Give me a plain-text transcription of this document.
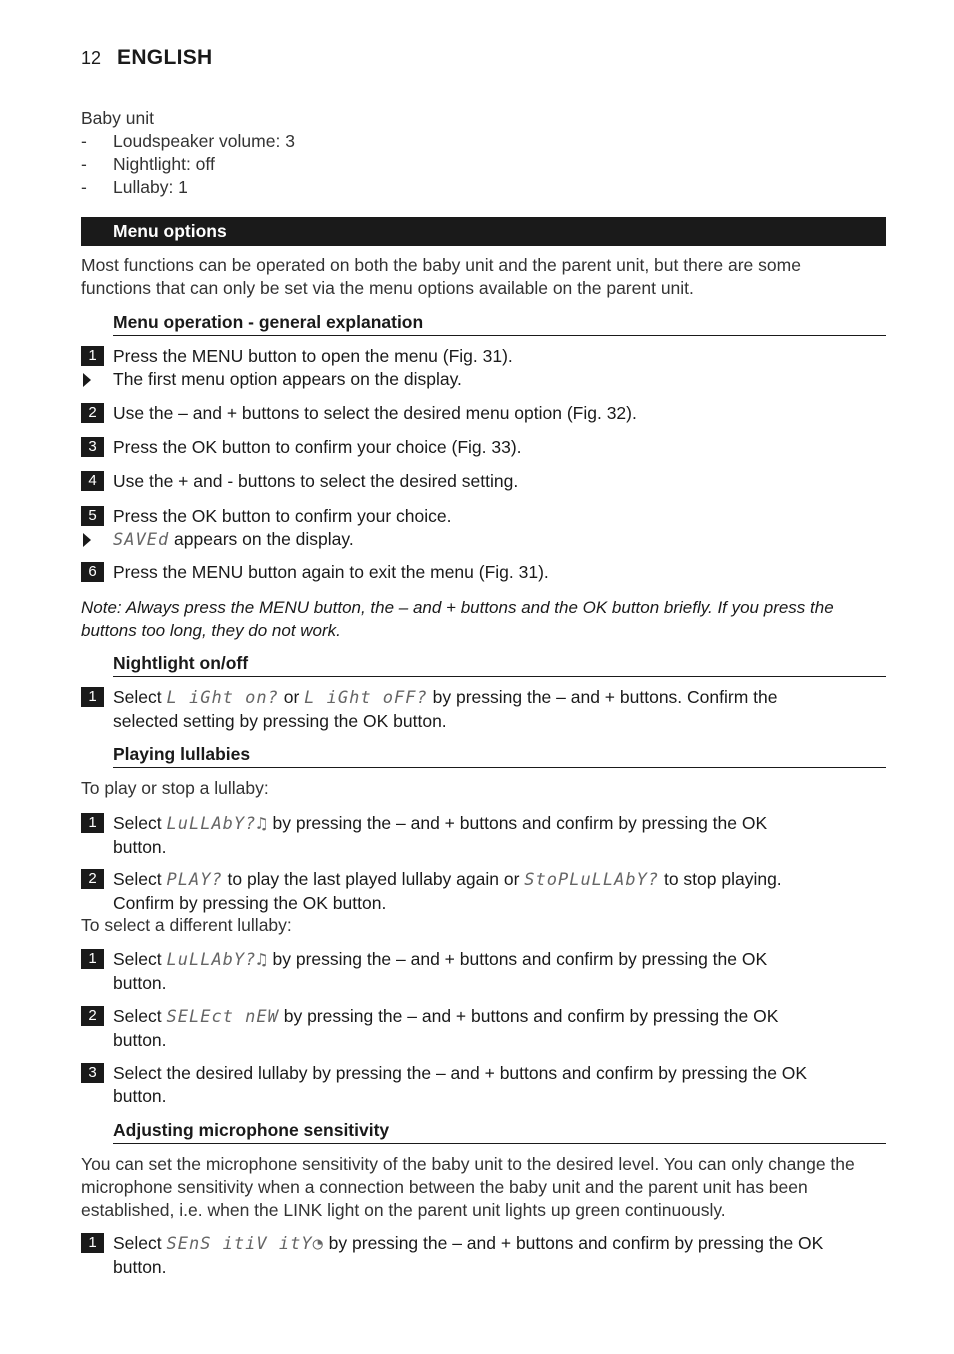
12 ENGLISH
Baby unit
- Loudspeaker volume: 3
- Nightlight: off
- Lullaby: 1
Menu options
Most functions can be operated on both the baby unit and the parent unit, but there are some
functions that can only be set via the menu options available on the parent unit.
Menu operation - general explanation
1 Press the MENU button to open the menu (Fig. 31).
The first menu option appears on the display.
2 Use the – and + buttons to select the desired menu option (Fig. 32).
3 Press the OK button to confirm your choice (Fig. 33).
4 Use the + and - buttons to select the desired setting.
5 Press the OK button to confirm your choice.
SAVEd appears on the display.
6 Press the MENU button again to exit the menu (Fig. 31).
Note: Always press the MENU button, the – and + buttons and the OK button briefly. If you press the
buttons too long, they do not work.
Nightlight on/off
1 Select L iGht on? or L iGht oFF? by pressing the – and + buttons. Confirm the
selected setting by pressing the OK button.
Playing lullabies
To play or stop a lullaby:
1 Select LuLLAbY?♫ by pressing the – and + buttons and confirm by pressing the OK
button.
2 Select PLAY? to play the last played lullaby again or StoPLuLLAbY? to stop playing.
Confirm by pressing the OK button.
To select a different lullaby:
1 Select LuLLAbY?♫ by pressing the – and + buttons and confirm by pressing the OK
button.
2 Select SELEct nEW by pressing the – and + buttons and confirm by pressing the OK
button.
3 Select the desired lullaby by pressing the – and + buttons and confirm by pressing the OK
button.
Adjusting microphone sensitivity
You can set the microphone sensitivity of the baby unit to the desired level. You can only change the
microphone sensitivity when a connection between the baby unit and the parent unit has been
established, i.e. when the LINK light on the parent unit lights up green continuously.
1 Select SEnS itiV itY◔ by pressing the – and + buttons and confirm by pressing the OK
button.
